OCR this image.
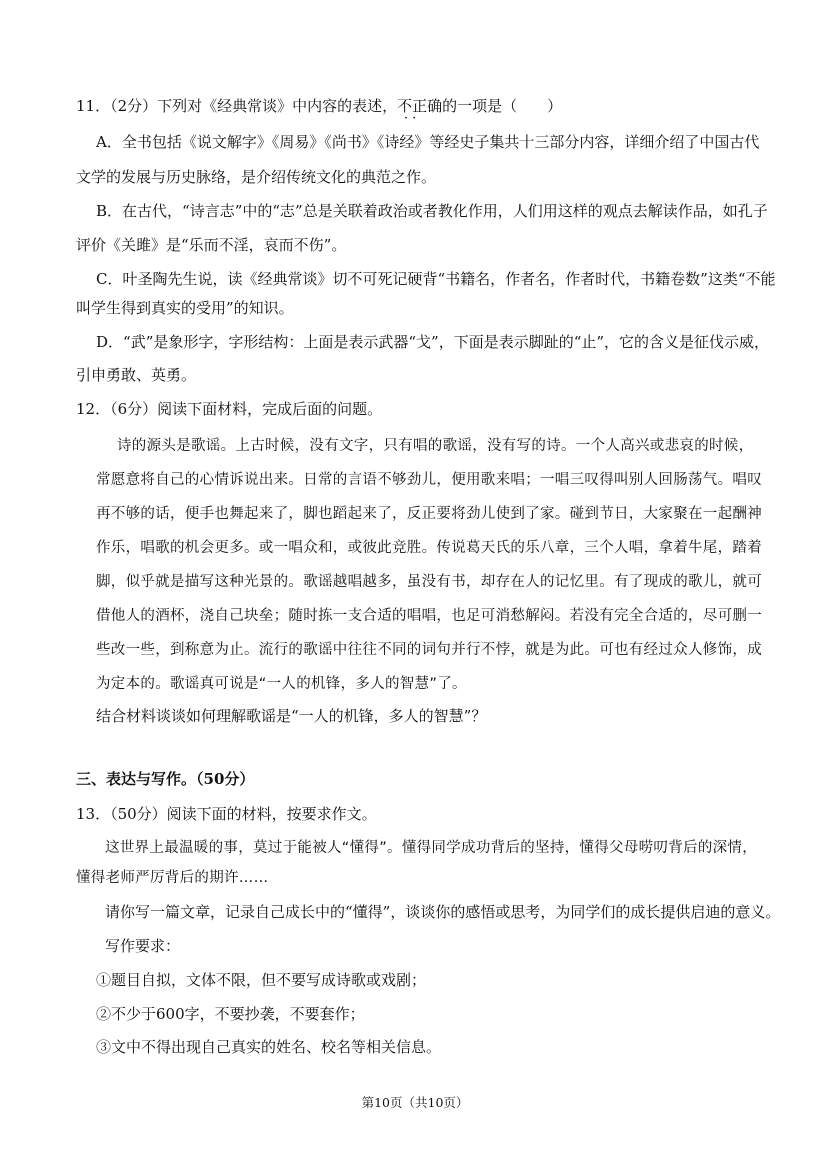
11．（2分）下列对《经典常谈》中内容的表述，不正 ··确的一项是（　　）
A．全书包括《说文解字》《周易》《尚书》《诗经》等经史子集共十三部分内容，详细介绍了中国古代
文学的发展与历史脉络，是介绍传统文化的典范之作。
B．在古代，“诗言志”中的“志”总是关联着政治或者教化作用，人们用这样的观点去解读作品，如孔子
评价《关雎》是“乐而不淫，哀而不伤”。
C．叶圣陶先生说，读《经典常谈》切不可死记硬背“书籍名，作者名，作者时代，书籍卷数”这类“不能
叫学生得到真实的受用”的知识。
D．“武”是象形字，字形结构：上面是表示武器“戈”，下面是表示脚趾的“止”，它的含义是征伐示威，
引申勇敢、英勇。
12．（6分）阅读下面材料，完成后面的问题。
诗的源头是歌谣。上古时候，没有文字，只有唱的歌谣，没有写的诗。一个人高兴或悲哀的时候，
常愿意将自己的心情诉说出来。日常的言语不够劲儿，便用歌来唱；一唱三叹得叫别人回肠荡气。唱叹
再不够的话，便手也舞起来了，脚也蹈起来了，反正要将劲儿使到了家。碰到节日，大家聚在一起酬神
作乐，唱歌的机会更多。或一唱众和，或彼此竞胜。传说葛天氏的乐八章，三个人唱，拿着牛尾，踏着
脚，似乎就是描写这种光景的。歌谣越唱越多，虽没有书，却存在人的记忆里。有了现成的歌儿，就可
借他人的酒杯，浇自己块垒；随时拣一支合适的唱唱，也足可消愁解闷。若没有完全合适的，尽可删一
些改一些，到称意为止。流行的歌谣中往往不同的词句并行不悖，就是为此。可也有经过众人修饰，成
为定本的。歌谣真可说是“一人的机锋，多人的智慧”了。
结合材料谈谈如何理解歌谣是“一人的机锋，多人的智慧”？
三、表达与写作。（50分）
13．（50分）阅读下面的材料，按要求作文。
这世界上最温暖的事，莫过于能被人“懂得”。懂得同学成功背后的坚持，懂得父母唠叨背后的深情，
懂得老师严厉背后的期许……
请你写一篇文章，记录自己成长中的“懂得”，谈谈你的感悟或思考，为同学们的成长提供启迪的意义。
写作要求：
①题目自拟，文体不限，但不要写成诗歌或戏剧；
②不少于600字，不要抄袭，不要套作；
③文中不得出现自己真实的姓名、校名等相关信息。
第10页（共10页）
